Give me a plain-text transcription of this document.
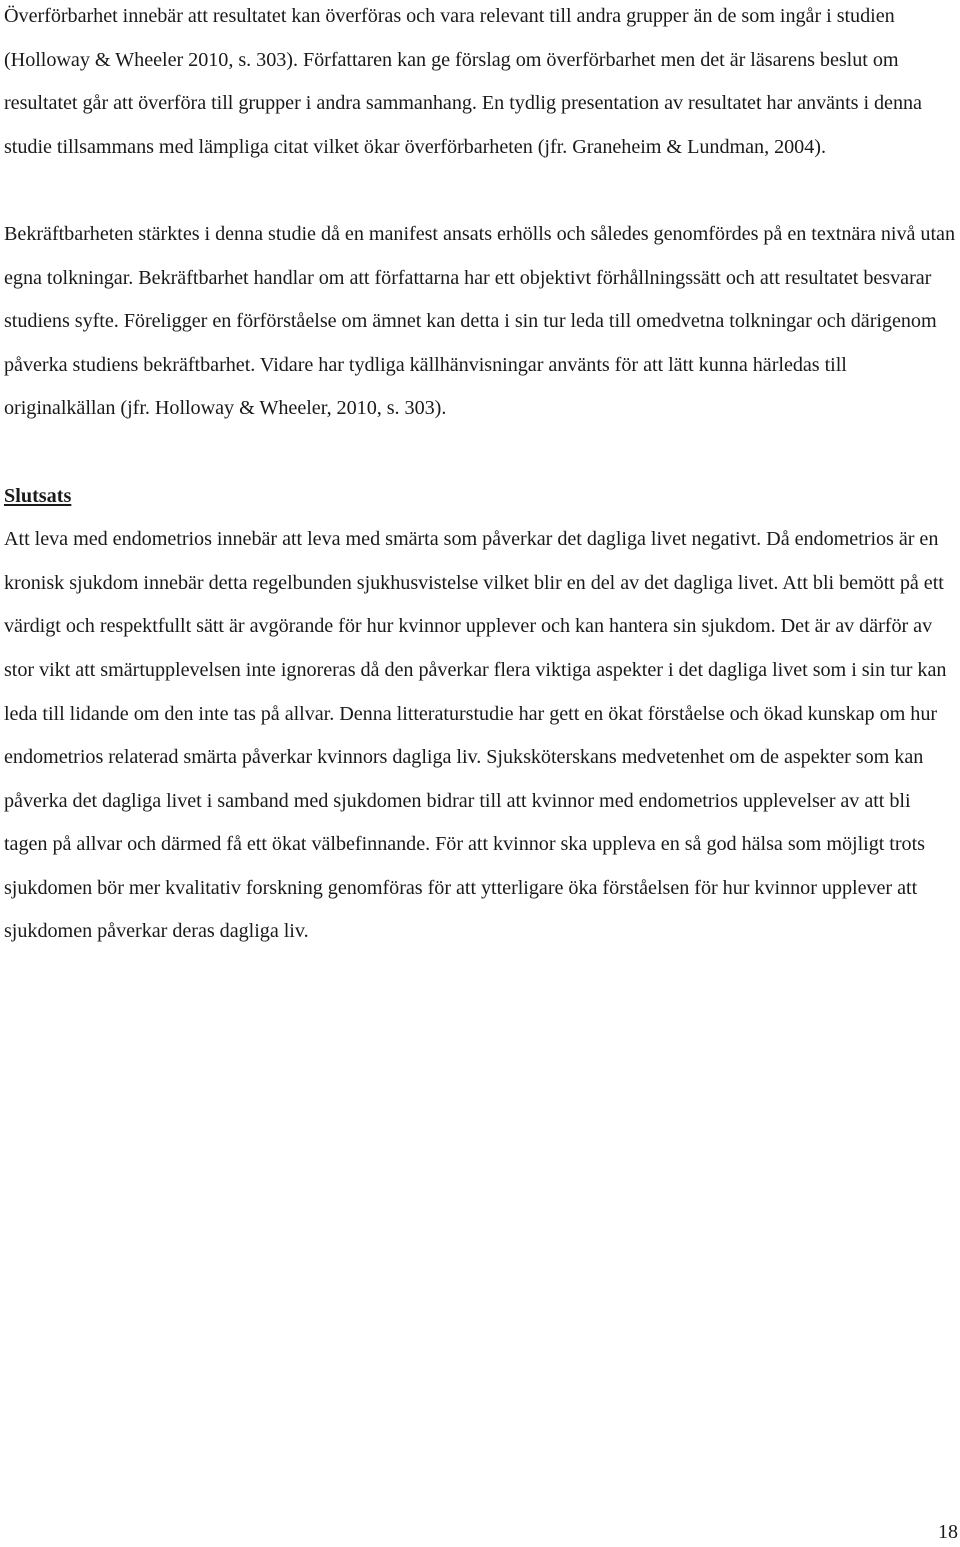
Överförbarhet innebär att resultatet kan överföras och vara relevant till andra grupper än de som ingår i studien (Holloway & Wheeler 2010, s. 303). Författaren kan ge förslag om överförbarhet men det är läsarens beslut om resultatet går att överföra till grupper i andra sammanhang. En tydlig presentation av resultatet har använts i denna studie tillsammans med lämpliga citat vilket ökar överförbarheten (jfr. Graneheim & Lundman, 2004).

Bekräftbarheten stärktes i denna studie då en manifest ansats erhölls och således genomfördes på en textnära nivå utan egna tolkningar. Bekräftbarhet handlar om att författarna har ett objektivt förhållningssätt och att resultatet besvarar studiens syfte. Föreligger en förförståelse om ämnet kan detta i sin tur leda till omedvetna tolkningar och därigenom påverka studiens bekräftbarhet. Vidare har tydliga källhänvisningar använts för att lätt kunna härledas till originalkällan (jfr. Holloway & Wheeler, 2010, s. 303).

Slutsats

Att leva med endometrios innebär att leva med smärta som påverkar det dagliga livet negativt. Då endometrios är en kronisk sjukdom innebär detta regelbunden sjukhusvistelse vilket blir en del av det dagliga livet. Att bli bemött på ett värdigt och respektfullt sätt är avgörande för hur kvinnor upplever och kan hantera sin sjukdom. Det är av därför av stor vikt att smärtupplevelsen inte ignoreras då den påverkar flera viktiga aspekter i det dagliga livet som i sin tur kan leda till lidande om den inte tas på allvar. Denna litteraturstudie har gett en ökat förståelse och ökad kunskap om hur endometrios relaterad smärta påverkar kvinnors dagliga liv. Sjuksköterskans medvetenhet om de aspekter som kan påverka det dagliga livet i samband med sjukdomen bidrar till att kvinnor med endometrios upplevelser av att bli tagen på allvar och därmed få ett ökat välbefinnande. För att kvinnor ska uppleva en så god hälsa som möjligt trots sjukdomen bör mer kvalitativ forskning genomföras för att ytterligare öka förståelsen för hur kvinnor upplever att sjukdomen påverkar deras dagliga liv.

18
